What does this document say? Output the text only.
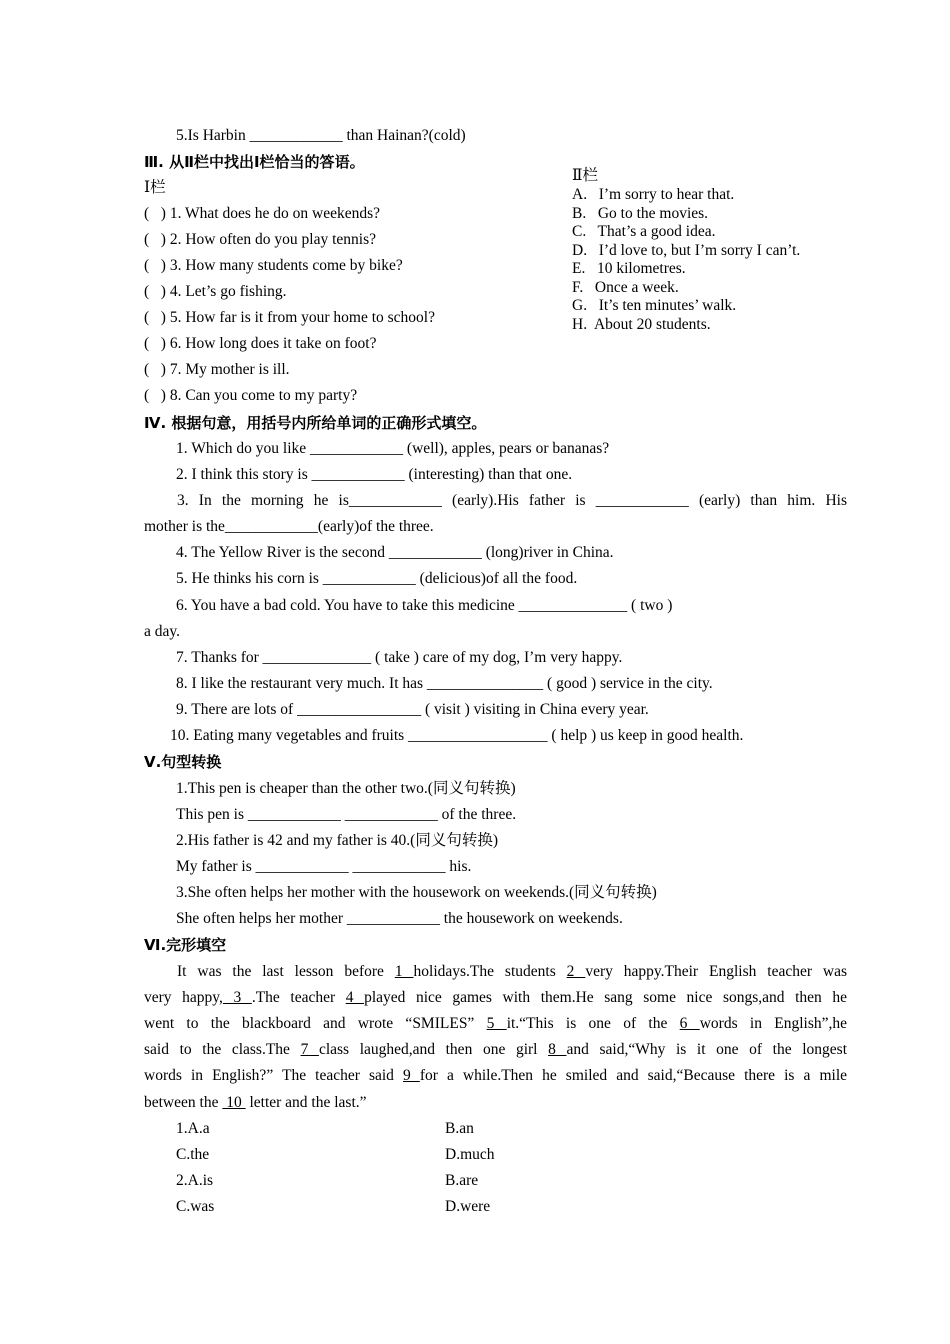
5.Is Harbin ____________ than Hainan?(cold)
Ⅲ. 从Ⅱ栏中找出Ⅰ栏恰当的答语。
Ⅰ栏
Ⅱ栏
(   ) 1. What does he do on weekends?
(   ) 2. How often do you play tennis?
(   ) 3. How many students come by bike?
(   ) 4. Let’s go fishing.
(   ) 5. How far is it from your home to school?
(   ) 6. How long does it take on foot?
(   ) 7. My mother is ill.
(   ) 8. Can you come to my party?
A.   I’m sorry to hear that.
B.   Go to the movies.
C.   That’s a good idea.
D.   I’d love to, but I’m sorry I can’t.
E.   10 kilometres.
F.   Once a week.
G.   It’s ten minutes’ walk.
H.  About 20 students.
Ⅳ. 根据句意，用括号内所给单词的正确形式填空。
1. Which do you like ____________ (well), apples, pears or bananas?
2. I think this story is ____________ (interesting) than that one.
3. In the morning he is____________ (early).His father is ____________ (early) than him. His
mother is the____________(early)of the three.
4. The Yellow River is the second ____________ (long)river in China.
5. He thinks his corn is ____________ (delicious)of all the food.
6. You have a bad cold. You have to take this medicine ______________ ( two )
a day.
7. Thanks for ______________ ( take ) care of my dog, I’m very happy.
8. I like the restaurant very much. It has _______________ ( good ) service in the city.
9. There are lots of ________________ ( visit ) visiting in China every year.
10. Eating many vegetables and fruits __________________ ( help ) us keep in good health.
Ⅴ.句型转换
1.This pen is cheaper than the other two.(同义句转换)
This pen is ____________ ____________ of the three.
2.His father is 42 and my father is 40.(同义句转换)
My father is ____________ ____________ his.
3.She often helps her mother with the housework on weekends.(同义句转换)
She often helps her mother ____________ the housework on weekends.
Ⅵ.完形填空
It was the last lesson before 1 holidays.The students 2 very happy.Their English teacher was
very happy, 3 .The teacher 4 played nice games with them.He sang some nice songs,and then he
went to the blackboard and wrote “SMILES” 5 it.“This is one of the 6 words in English”,he
said to the class.The 7 class laughed,and then one girl 8 and said,“Why is it one of the longest
words in English?” The teacher said 9 for a while.Then he smiled and said,“Because there is a mile
between the  10  letter and the last.”
1.A.a	B.an
C.the	D.much
2.A.is	B.are
C.was	D.were
